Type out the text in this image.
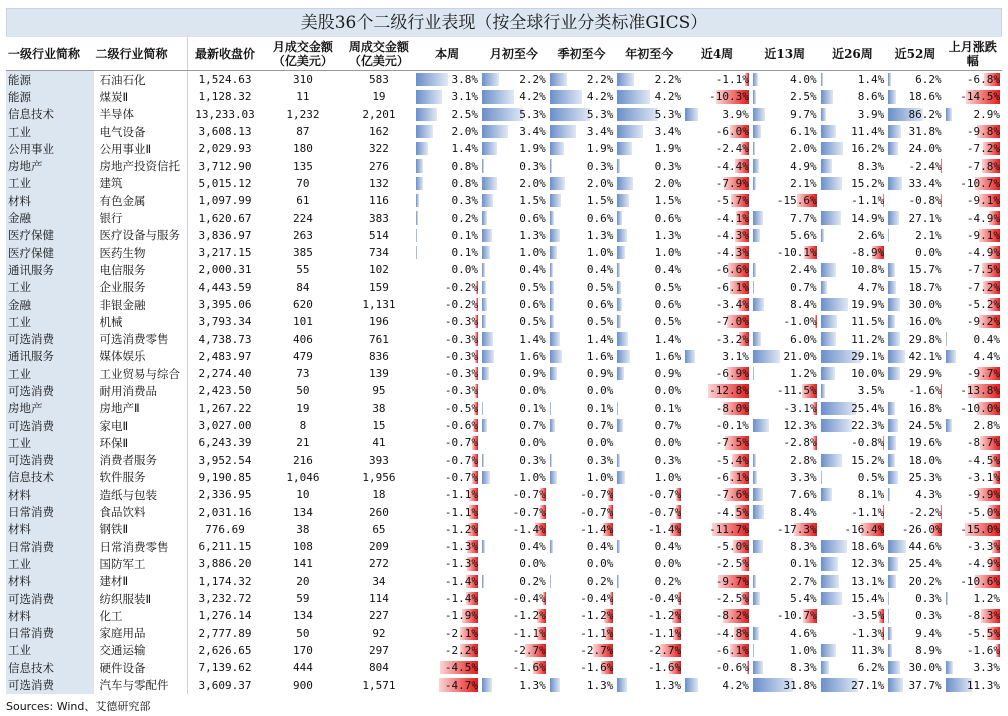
美股36个二级行业表现（按全球行业分类标准GICS）
一级行业简称	二级行业简称	最新收盘价	月成交金额（亿美元）	周成交金额（亿美元）	本周	月初至今	季初至今	年初至今	近4周	近13周	近26周	近52周	上月涨跌幅
能源	石油石化	1,524.63	310	583	3.8%	2.2%	2.2%	2.2%	-1.1%	4.0%	1.4%	6.2%	-6.8%

能源	煤炭Ⅱ	1,128.32	11	19	3.1%	4.2%	4.2%	4.2%	-10.3%	2.5%	8.6%	18.6%	-14.5%

信息技术	半导体	13,233.03	1,232	2,201	2.5%	5.3%	5.3%	5.3%	3.9%	9.7%	3.9%	86.2%	2.9%

工业	电气设备	3,608.13	87	162	2.0%	3.4%	3.4%	3.4%	-6.0%	6.1%	11.4%	31.8%	-9.8%

公用事业	公用事业Ⅱ	2,029.93	180	322	1.4%	1.9%	1.9%	1.9%	-2.4%	2.0%	16.2%	24.0%	-7.2%

房地产	房地产投资信托	3,712.90	135	276	0.8%	0.3%	0.3%	0.3%	-4.4%	4.9%	8.3%	-2.4%	-7.8%

工业	建筑	5,015.12	70	132	0.8%	2.0%	2.0%	2.0%	-7.9%	2.1%	15.2%	33.4%	-10.7%

材料	有色金属	1,097.99	61	116	0.3%	1.5%	1.5%	1.5%	-5.7%	-15.6%	-1.1%	-0.8%	-9.1%

金融	银行	1,620.67	224	383	0.2%	0.6%	0.6%	0.6%	-4.1%	7.7%	14.9%	27.1%	-4.9%

医疗保健	医疗设备与服务	3,836.97	263	514	0.1%	1.3%	1.3%	1.3%	-4.3%	5.6%	2.6%	2.1%	-9.1%

医疗保健	医药生物	3,217.15	385	734	0.1%	1.0%	1.0%	1.0%	-4.3%	-10.1%	-8.9%	0.0%	-4.9%

通讯服务	电信服务	2,000.31	55	102	0.0%	0.4%	0.4%	0.4%	-6.6%	2.4%	10.8%	15.7%	-7.5%

工业	企业服务	4,443.59	84	159	-0.2%	0.5%	0.5%	0.5%	-6.1%	0.7%	4.7%	18.7%	-7.2%

金融	非银金融	3,395.06	620	1,131	-0.2%	0.6%	0.6%	0.6%	-3.4%	8.4%	19.9%	30.0%	-5.2%

工业	机械	3,793.34	101	196	-0.3%	0.5%	0.5%	0.5%	-7.0%	-1.0%	11.5%	16.0%	-9.2%

可选消费	可选消费零售	4,738.73	406	761	-0.3%	1.4%	1.4%	1.4%	-3.2%	6.0%	11.2%	29.8%	0.4%

通讯服务	媒体娱乐	2,483.97	479	836	-0.3%	1.6%	1.6%	1.6%	3.1%	21.0%	29.1%	42.1%	4.4%

工业	工业贸易与综合	2,274.40	73	139	-0.3%	0.9%	0.9%	0.9%	-6.9%	1.2%	10.0%	29.9%	-9.7%

可选消费	耐用消费品	2,423.50	50	95	-0.3%	0.0%	0.0%	0.0%	-12.8%	-11.5%	3.5%	-1.6%	-13.8%

房地产	房地产Ⅱ	1,267.22	19	38	-0.5%	0.1%	0.1%	0.1%	-8.0%	-3.1%	25.4%	16.8%	-10.0%

可选消费	家电Ⅱ	3,027.00	8	15	-0.6%	0.7%	0.7%	0.7%	-0.1%	12.3%	22.3%	24.5%	2.8%

工业	环保Ⅱ	6,243.39	21	41	-0.7%	0.0%	0.0%	0.0%	-7.5%	-2.8%	-0.8%	19.6%	-8.7%

可选消费	消费者服务	3,952.54	216	393	-0.7%	0.3%	0.3%	0.3%	-5.4%	2.8%	15.2%	18.0%	-4.5%

信息技术	软件服务	9,190.85	1,046	1,956	-0.7%	1.0%	1.0%	1.0%	-6.1%	3.3%	0.5%	25.3%	-3.1%

材料	造纸与包装	2,336.95	10	18	-1.1%	-0.7%	-0.7%	-0.7%	-7.6%	7.6%	8.1%	4.3%	-9.9%

日常消费	食品饮料	2,031.16	134	260	-1.1%	-0.7%	-0.7%	-0.7%	-4.5%	8.4%	-1.1%	-2.2%	-5.0%

材料	钢铁Ⅱ	776.69	38	65	-1.2%	-1.4%	-1.4%	-1.4%	-11.7%	-17.3%	-16.4%	-26.0%	-15.0%

日常消费	日常消费零售	6,211.15	108	209	-1.3%	0.4%	0.4%	0.4%	-5.0%	8.3%	18.6%	44.6%	-3.3%

工业	国防军工	3,886.20	141	272	-1.3%	0.0%	0.0%	0.0%	-2.5%	0.1%	12.3%	25.4%	-4.9%

材料	建材Ⅱ	1,174.32	20	34	-1.4%	0.2%	0.2%	0.2%	-9.7%	2.7%	13.1%	20.2%	-10.6%

可选消费	纺织服装Ⅱ	3,232.72	59	114	-1.4%	-0.4%	-0.4%	-0.4%	-2.5%	5.4%	15.4%	0.3%	1.2%

材料	化工	1,276.14	134	227	-1.9%	-1.2%	-1.2%	-1.2%	-8.2%	-10.7%	-3.5%	0.3%	-8.3%

日常消费	家庭用品	2,777.89	50	92	-2.1%	-1.1%	-1.1%	-1.1%	-4.8%	4.6%	-1.3%	9.4%	-5.5%

工业	交通运输	2,626.65	170	297	-2.2%	-2.7%	-2.7%	-2.7%	-6.1%	1.0%	11.3%	8.9%	-1.6%

信息技术	硬件设备	7,139.62	444	804	-4.5%	-1.6%	-1.6%	-1.6%	-0.6%	8.3%	6.2%	30.0%	3.3%

可选消费	汽车与零配件	3,609.37	900	1,571	-4.7%	1.3%	1.3%	1.3%	4.2%	31.8%	27.1%	37.7%	11.3%
Sources: Wind、艾德研究部
